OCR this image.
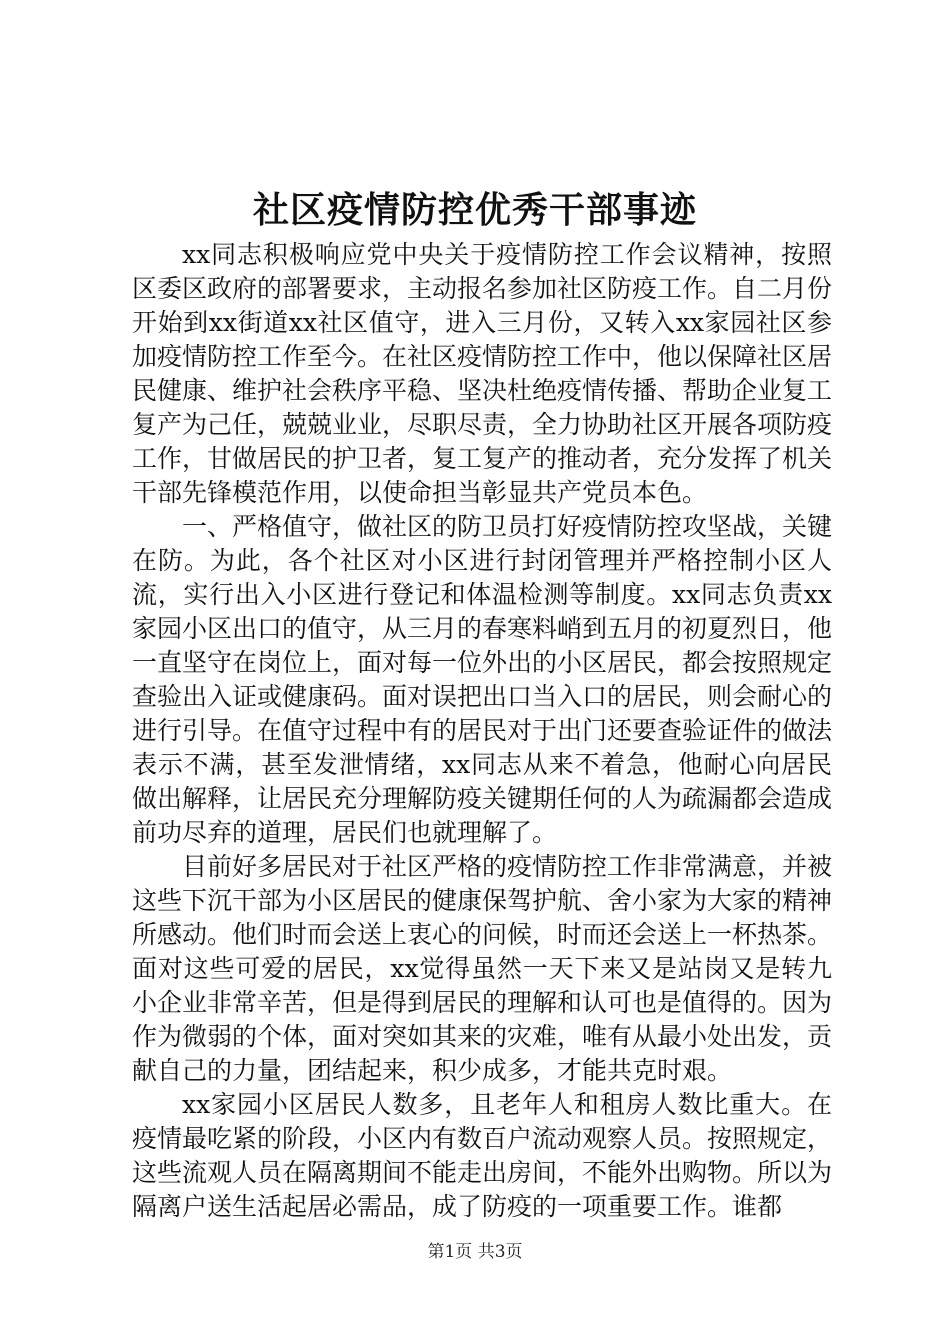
社区疫情防控优秀干部事迹

xx同志积极响应党中央关于疫情防控工作会议精神，按照区委区政府的部署要求，主动报名参加社区防疫工作。自二月份开始到xx街道xx社区值守，进入三月份，又转入xx家园社区参加疫情防控工作至今。在社区疫情防控工作中，他以保障社区居民健康、维护社会秩序平稳、坚决杜绝疫情传播、帮助企业复工复产为己任，兢兢业业，尽职尽责，全力协助社区开展各项防疫工作，甘做居民的护卫者，复工复产的推动者，充分发挥了机关干部先锋模范作用，以使命担当彰显共产党员本色。

一、严格值守，做社区的防卫员打好疫情防控攻坚战，关键在防。为此，各个社区对小区进行封闭管理并严格控制小区人流，实行出入小区进行登记和体温检测等制度。xx同志负责xx家园小区出口的值守，从三月的春寒料峭到五月的初夏烈日，他一直坚守在岗位上，面对每一位外出的小区居民，都会按照规定查验出入证或健康码。面对误把出口当入口的居民，则会耐心的进行引导。在值守过程中有的居民对于出门还要查验证件的做法表示不满，甚至发泄情绪，xx同志从来不着急，他耐心向居民做出解释，让居民充分理解防疫关键期任何的人为疏漏都会造成前功尽弃的道理，居民们也就理解了。

目前好多居民对于社区严格的疫情防控工作非常满意，并被这些下沉干部为小区居民的健康保驾护航、舍小家为大家的精神所感动。他们时而会送上衷心的问候，时而还会送上一杯热茶。面对这些可爱的居民，xx觉得虽然一天下来又是站岗又是转九小企业非常辛苦，但是得到居民的理解和认可也是值得的。因为作为微弱的个体，面对突如其来的灾难，唯有从最小处出发，贡献自己的力量，团结起来，积少成多，才能共克时艰。

xx家园小区居民人数多，且老年人和租房人数比重大。在疫情最吃紧的阶段，小区内有数百户流动观察人员。按照规定，这些流观人员在隔离期间不能走出房间，不能外出购物。所以为隔离户送生活起居必需品，成了防疫的一项重要工作。谁都

第1页 共3页
